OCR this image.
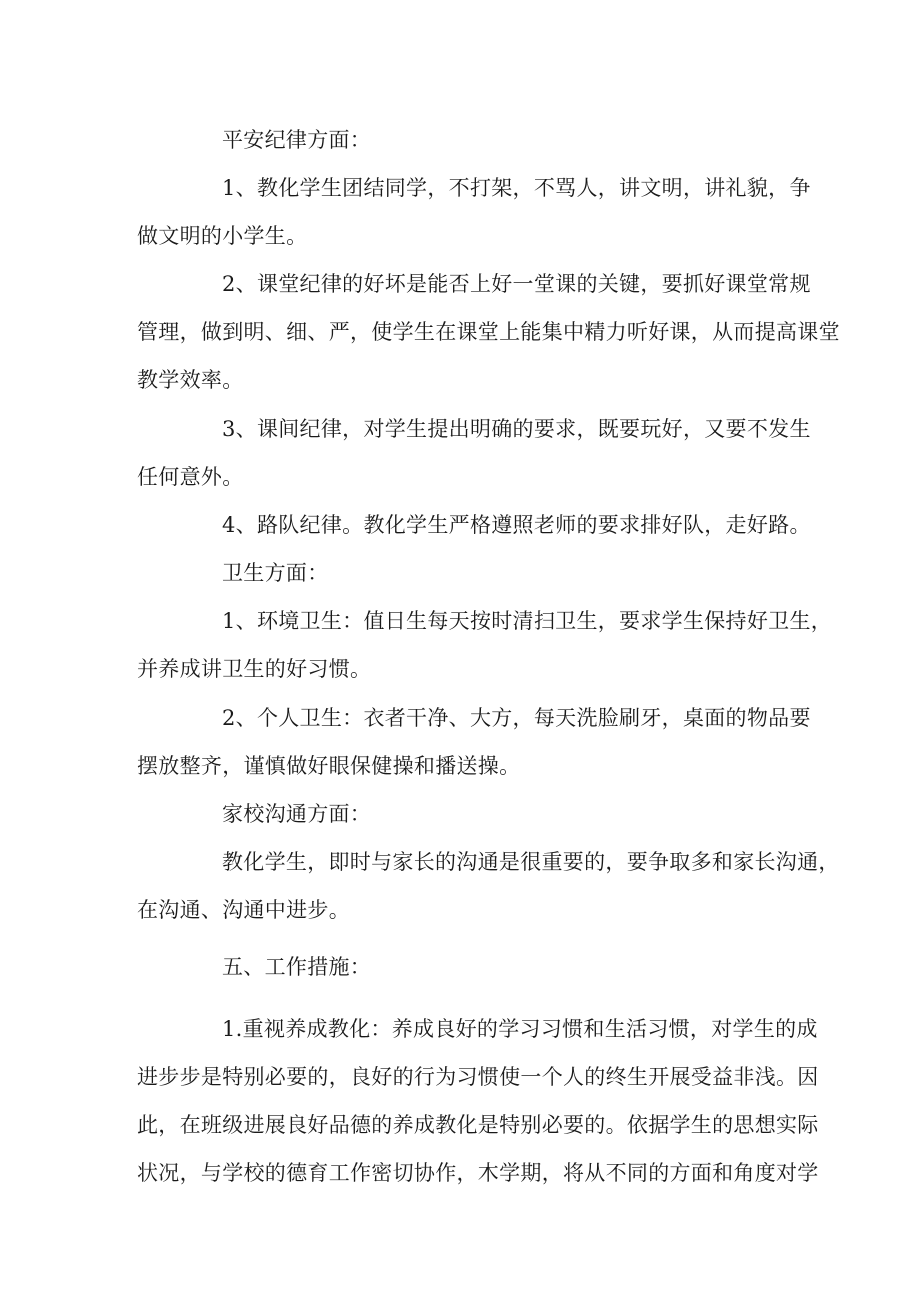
平安纪律方面：
1、教化学生团结同学，不打架，不骂人，讲文明，讲礼貌，争
做文明的小学生。
2、课堂纪律的好坏是能否上好一堂课的关键，要抓好课堂常规
管理，做到明、细、严，使学生在课堂上能集中精力听好课，从而提高课堂
教学效率。
3、课间纪律，对学生提出明确的要求，既要玩好，又要不发生
任何意外。
4、路队纪律。教化学生严格遵照老师的要求排好队，走好路。
卫生方面：
1、环境卫生：值日生每天按时清扫卫生，要求学生保持好卫生，
并养成讲卫生的好习惯。
2、个人卫生：衣者干净、大方，每天洗脸刷牙，桌面的物品要
摆放整齐，谨慎做好眼保健操和播送操。
家校沟通方面：
教化学生，即时与家长的沟通是很重要的，要争取多和家长沟通，
在沟通、沟通中进步。
五、工作措施：
1.重视养成教化：养成良好的学习习惯和生活习惯，对学生的成
进步步是特别必要的，良好的行为习惯使一个人的终生开展受益非浅。因
此，在班级进展良好品德的养成教化是特别必要的。依据学生的思想实际
状况，与学校的德育工作密切协作，木学期，将从不同的方面和角度对学
